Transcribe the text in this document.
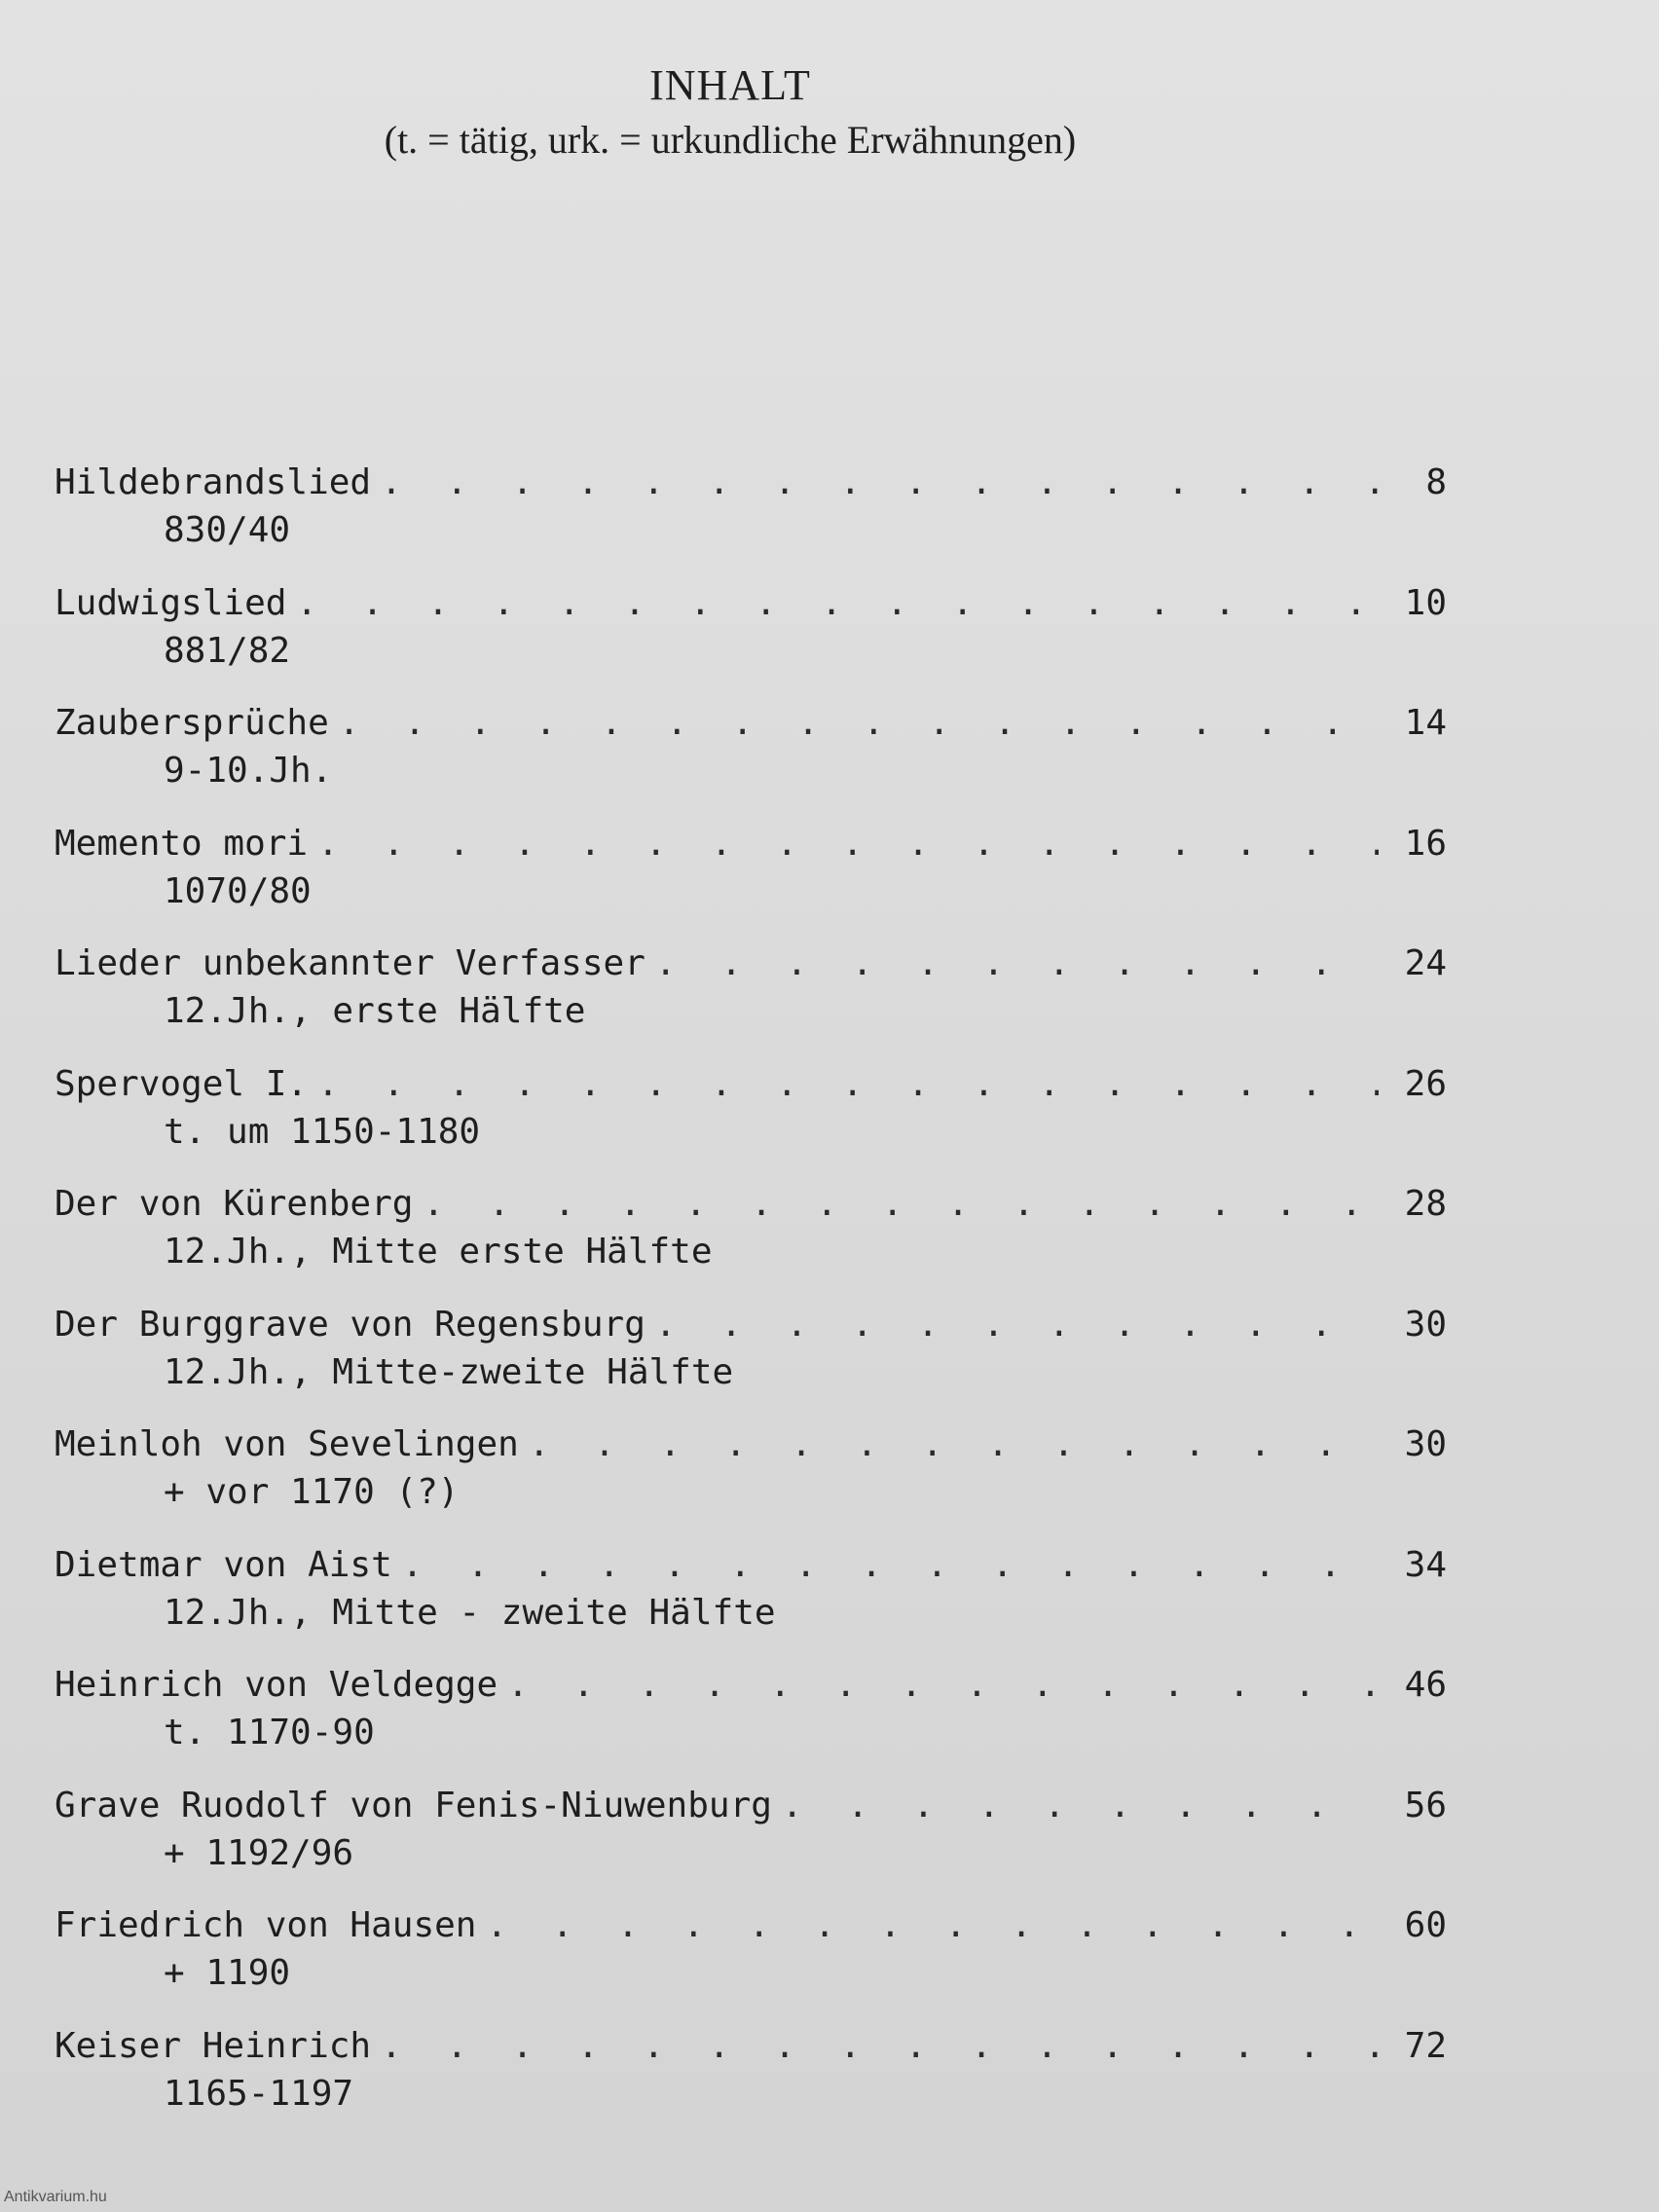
INHALT
(t. = tätig, urk. = urkundliche Erwähnungen)
Hildebrandslied . . .	8
830/40
Ludwigslied . . .	10
881/82
Zaubersprüche . . .	14
9-10.Jh.
Memento mori . . .	16
1070/80
Lieder unbekannter Verfasser . . .	24
12.Jh., erste Hälfte
Spervogel I. . . .	26
t. um 1150-1180
Der von Kürenberg . . .	28
12.Jh., Mitte erste Hälfte
Der Burggrave von Regensburg . . .	30
12.Jh., Mitte-zweite Hälfte
Meinloh von Sevelingen . . .	30
+ vor 1170 (?)
Dietmar von Aist . . .	34
12.Jh., Mitte - zweite Hälfte
Heinrich von Veldegge . . .	46
t. 1170-90
Grave Ruodolf von Fenis-Niuwenburg . . .	56
+ 1192/96
Friedrich von Hausen . . .	60
+ 1190
Keiser Heinrich . . .	72
1165-1197
Antikvarium.hu
